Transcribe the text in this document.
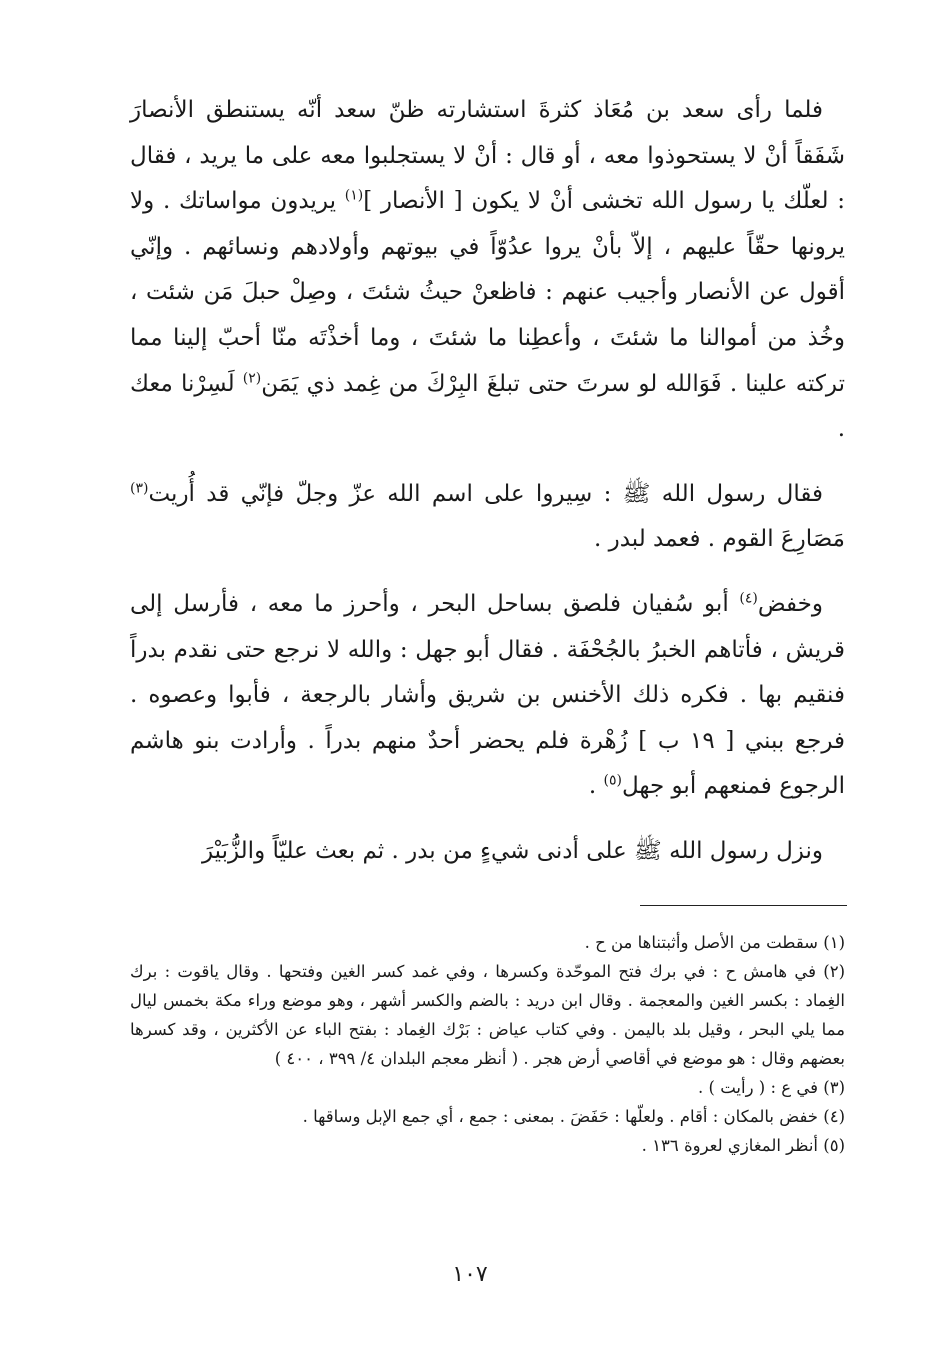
فلما رأى سعد بن مُعَاذ كثرةَ استشارته ظنّ سعد أنّه يستنطق الأنصارَ شَفَقاً أنْ لا يستحوذوا معه ، أو قال : أنْ لا يستجلبوا معه على ما يريد ، فقال : لعلّك يا رسول الله تخشى أنْ لا يكون [ الأنصار ]$^{(١)}$ يريدون مواساتك . ولا يرونها حقّاً عليهم ، إلاّ بأنْ يروا عدُوّاً في بيوتهم وأولادهم ونسائهم . وإنّي أقول عن الأنصار وأجيب عنهم : فاظعنْ حيثُ شئتَ ، وصِلْ حبلَ مَن شئت ، وخُذ من أموالنا ما شئتَ ، وأعطِنا ما شئتَ ، وما أخذْتَه منّا أحبّ إلينا مما تركته علينا . فَوَالله لو سرتَ حتى تبلغَ البِرْكَ من غِمد ذي يَمَن$^{(٢)}$ لَسِرْنا معك .

فقال رسول الله ﷺ : سِيروا على اسم الله عزّ وجلّ فإنّي قد أُريت$^{(٣)}$ مَصَارِعَ القوم . فعمد لبدر .

وخفض$^{(٤)}$ أبو سُفيان فلصق بساحل البحر ، وأحرز ما معه ، فأرسل إلى قريش ، فأتاهم الخبرُ بالجُحْفَة . فقال أبو جهل : والله لا نرجع حتى نقدم بدراً فنقيم بها . فكره ذلك الأخنس بن شريق وأشار بالرجعة ، فأبوا وعصوه . فرجع ببني [ ١٩ ب ] زُهْرة فلم يحضر أحدٌ منهم بدراً . وأرادت بنو هاشم الرجوع فمنعهم أبو جهل$^{(٥)}$ .

ونزل رسول الله ﷺ على أدنى شيءٍ من بدر . ثم بعث عليّاً والزُّبَيْرَ

(١) سقطت من الأصل وأثبتناها من ح .

(٢) في هامش ح : في برك فتح الموحّدة وكسرها ، وفي غمد كسر الغين وفتحها . وقال ياقوت : برك الغِماد : بكسر الغين والمعجمة . وقال ابن دريد : بالضم والكسر أشهر ، وهو موضع وراء مكة بخمس ليال مما يلي البحر ، وقيل بلد باليمن . وفي كتاب عياض : بَرْك الغِماد : بفتح الباء عن الأكثرين ، وقد كسرها بعضهم وقال : هو موضع في أقاصي أرض هجر . ( أنظر معجم البلدان ٤/ ٣٩٩ ، ٤٠٠ )

(٣) في ع : ( رأيت ) .

(٤) خفض بالمكان : أقام . ولعلّها : حَفَضَ . بمعنى : جمع ، أي جمع الإبل وساقها .

(٥) أنظر المغازي لعروة ١٣٦ .

١٠٧
